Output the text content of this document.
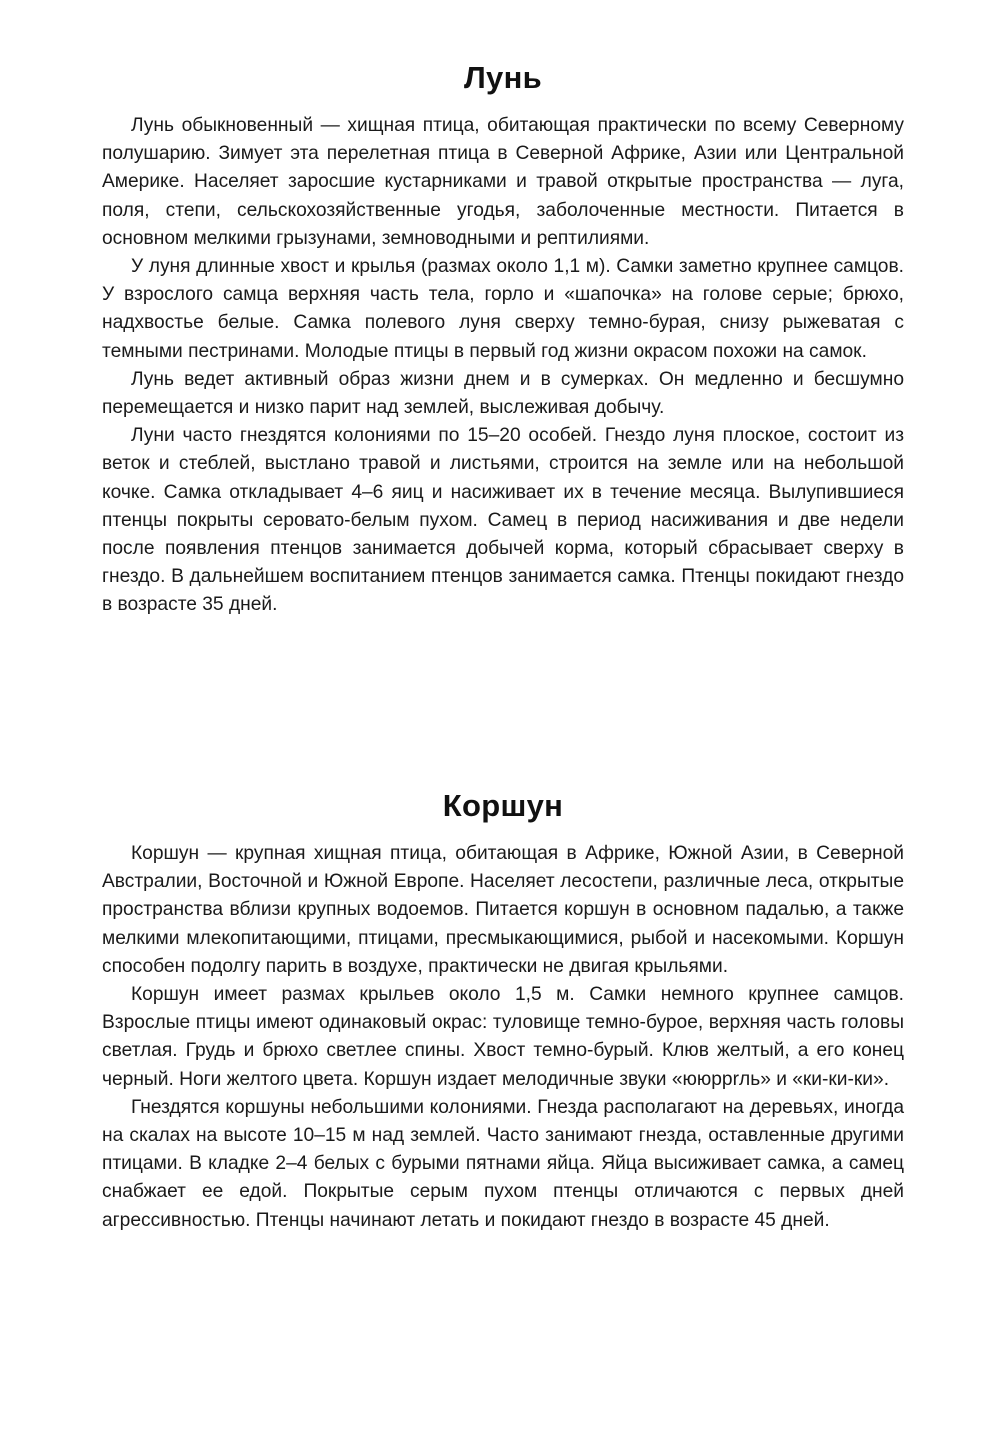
Лунь

Лунь обыкновенный — хищная птица, обитающая практически по всему Северному полушарию. Зимует эта перелетная птица в Северной Африке, Азии или Центральной Америке. Населяет заросшие кустарниками и травой открытые пространства — луга, поля, степи, сельскохозяйственные угодья, заболоченные местности. Питается в основном мелкими грызунами, земноводными и рептилиями.

У луня длинные хвост и крылья (размах около 1,1 м). Самки заметно крупнее самцов. У взрослого самца верхняя часть тела, горло и «шапочка» на голове серые; брюхо, надхвостье белые. Самка полевого луня сверху темно-бурая, снизу рыжеватая с темными пестринами. Молодые птицы в первый год жизни окрасом похожи на самок.

Лунь ведет активный образ жизни днем и в сумерках. Он медленно и бесшумно перемещается и низко парит над землей, выслеживая добычу.

Луни часто гнездятся колониями по 15–20 особей. Гнездо луня плоское, состоит из веток и стеблей, выстлано травой и листьями, строится на земле или на небольшой кочке. Самка откладывает 4–6 яиц и насиживает их в течение месяца. Вылупившиеся птенцы покрыты серовато-белым пухом. Самец в период насиживания и две недели после появления птенцов занимается добычей корма, который сбрасывает сверху в гнездо. В дальнейшем воспитанием птенцов занимается самка. Птенцы покидают гнездо в возрасте 35 дней.

Коршун

Коршун — крупная хищная птица, обитающая в Африке, Южной Азии, в Северной Австралии, Восточной и Южной Европе. Населяет лесостепи, различные леса, открытые пространства вблизи крупных водоемов. Питается коршун в основном падалью, а также мелкими млекопитающими, птицами, пресмыкающимися, рыбой и насекомыми. Коршун способен подолгу парить в воздухе, практически не двигая крыльями.

Коршун имеет размах крыльев около 1,5 м. Самки немного крупнее самцов. Взрослые птицы имеют одинаковый окрас: туловище темно-бурое, верхняя часть головы светлая. Грудь и брюхо светлее спины. Хвост темно-бурый. Клюв желтый, а его конец черный. Ноги желтого цвета. Коршун издает мелодичные звуки «ююррrль» и «ки-ки-ки».

Гнездятся коршуны небольшими колониями. Гнезда располагают на деревьях, иногда на скалах на высоте 10–15 м над землей. Часто занимают гнезда, оставленные другими птицами. В кладке 2–4 белых с бурыми пятнами яйца. Яйца высиживает самка, а самец снабжает ее едой. Покрытые серым пухом птенцы отличаются с первых дней агрессивностью. Птенцы начинают летать и покидают гнездо в возрасте 45 дней.
